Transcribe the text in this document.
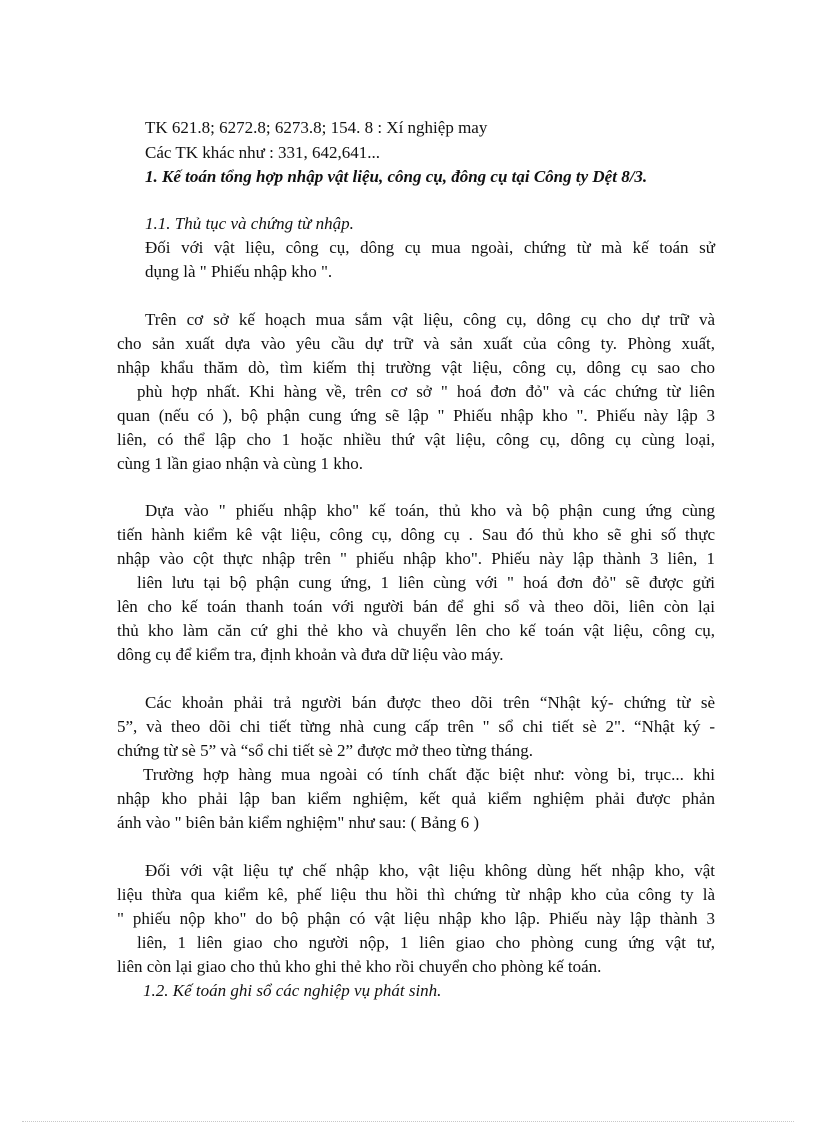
TK 621.8; 6272.8; 6273.8; 154. 8 : Xí nghiệp may
Các TK khác như : 331, 642,641...
1. Kế toán tổng hợp nhập vật liệu, công cụ, đông cụ tại Công ty Dệt 8/3.
1.1. Thủ tục và chứng từ nhập.
Đối với vật liệu, công cụ, dông cụ mua ngoài, chứng từ mà kế toán sử
dụng là " Phiếu nhập kho ".
Trên cơ sở kế hoạch mua sắm vật liệu, công cụ, dông cụ cho dự trữ và
cho sản xuất dựa vào yêu cầu dự trữ và sản xuất của công ty. Phòng xuất,
nhập khẩu thăm dò, tìm kiếm thị trường vật liệu, công cụ, dông cụ sao cho
phù hợp nhất. Khi hàng về, trên cơ sở " hoá đơn đỏ" và các chứng từ liên
quan (nếu có ), bộ phận cung ứng sẽ lập " Phiếu nhập kho ". Phiếu này lập 3
liên, có thể lập cho 1 hoặc nhiều thứ vật liệu, công cụ, dông cụ cùng loại,
cùng 1 lần giao nhận và cùng 1 kho.
Dựa vào " phiếu nhập kho" kế toán, thủ kho và bộ phận cung ứng cùng
tiến hành kiểm kê vật liệu, công cụ, dông cụ . Sau đó thủ kho sẽ ghi số thực
nhập vào cột thực nhập trên " phiếu nhập kho". Phiếu này lập thành 3 liên, 1
liên lưu tại bộ phận cung ứng, 1 liên cùng với " hoá đơn đỏ" sẽ được gửi
lên cho kế toán thanh toán với người bán để ghi sổ và theo dõi, liên còn lại
thủ kho làm căn cứ ghi thẻ kho và chuyển lên cho kế toán vật liệu, công cụ,
dông cụ để kiểm tra, định khoản và đưa dữ liệu vào máy.
Các khoản phải trả người bán được theo dõi trên “Nhật ký- chứng từ sè
5”, và theo dõi chi tiết từng nhà cung cấp trên " sổ chi tiết sè 2". “Nhật ký -
chứng từ sè 5” và “sổ chi tiết sè 2” được mở theo từng tháng.
Trường hợp hàng mua ngoài có tính chất đặc biệt như: vòng bi, trục... khi
nhập kho phải lập ban kiểm nghiệm, kết quả kiểm nghiệm phải được phản
ánh vào " biên bản kiểm nghiệm" như sau: ( Bảng 6 )
Đối với vật liệu tự chế nhập kho, vật liệu không dùng hết nhập kho, vật
liệu thừa qua kiểm kê, phế liệu thu hồi thì chứng từ nhập kho của công ty là
" phiếu nộp kho" do bộ phận có vật liệu nhập kho lập. Phiếu này lập thành 3
liên, 1 liên giao cho người nộp, 1 liên giao cho phòng cung ứng vật tư,
liên còn lại giao cho thủ kho ghi thẻ kho rồi chuyển cho phòng kế toán.
1.2. Kế toán ghi sổ các nghiệp vụ phát sinh.
